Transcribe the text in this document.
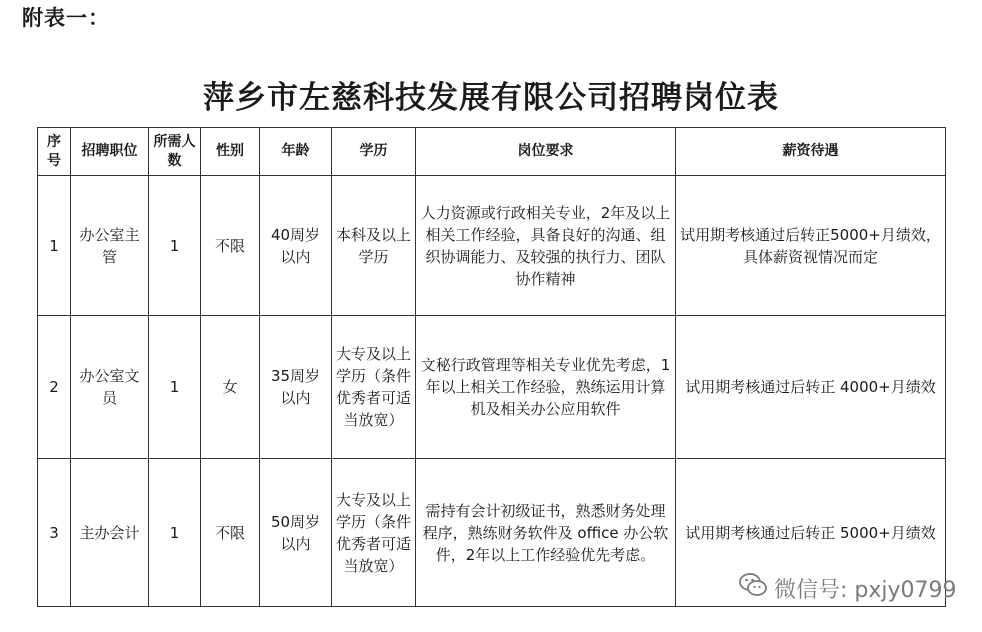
附表一：
萍乡市左慈科技发展有限公司招聘岗位表
序号	招聘职位	所需人数	性别	年龄	学历	岗位要求	薪资待遇
1	办公室主管	1	不限	40周岁以内	本科及以上学历	人力资源或行政相关专业，2年及以上相关工作经验，具备良好的沟通、组织协调能力、及较强的执行力、团队协作精神	试用期考核通过后转正5000+月绩效，具体薪资视情况而定
2	办公室文员	1	女	35周岁以内	大专及以上学历（条件优秀者可适当放宽）	文秘行政管理等相关专业优先考虑，1年以上相关工作经验，熟练运用计算机及相关办公应用软件	试用期考核通过后转正 4000+月绩效
3	主办会计	1	不限	50周岁以内	大专及以上学历（条件优秀者可适当放宽）	需持有会计初级证书，熟悉财务处理程序，熟练财务软件及 office 办公软件，2年以上工作经验优先考虑。	试用期考核通过后转正 5000+月绩效
微信号: pxjy0799
